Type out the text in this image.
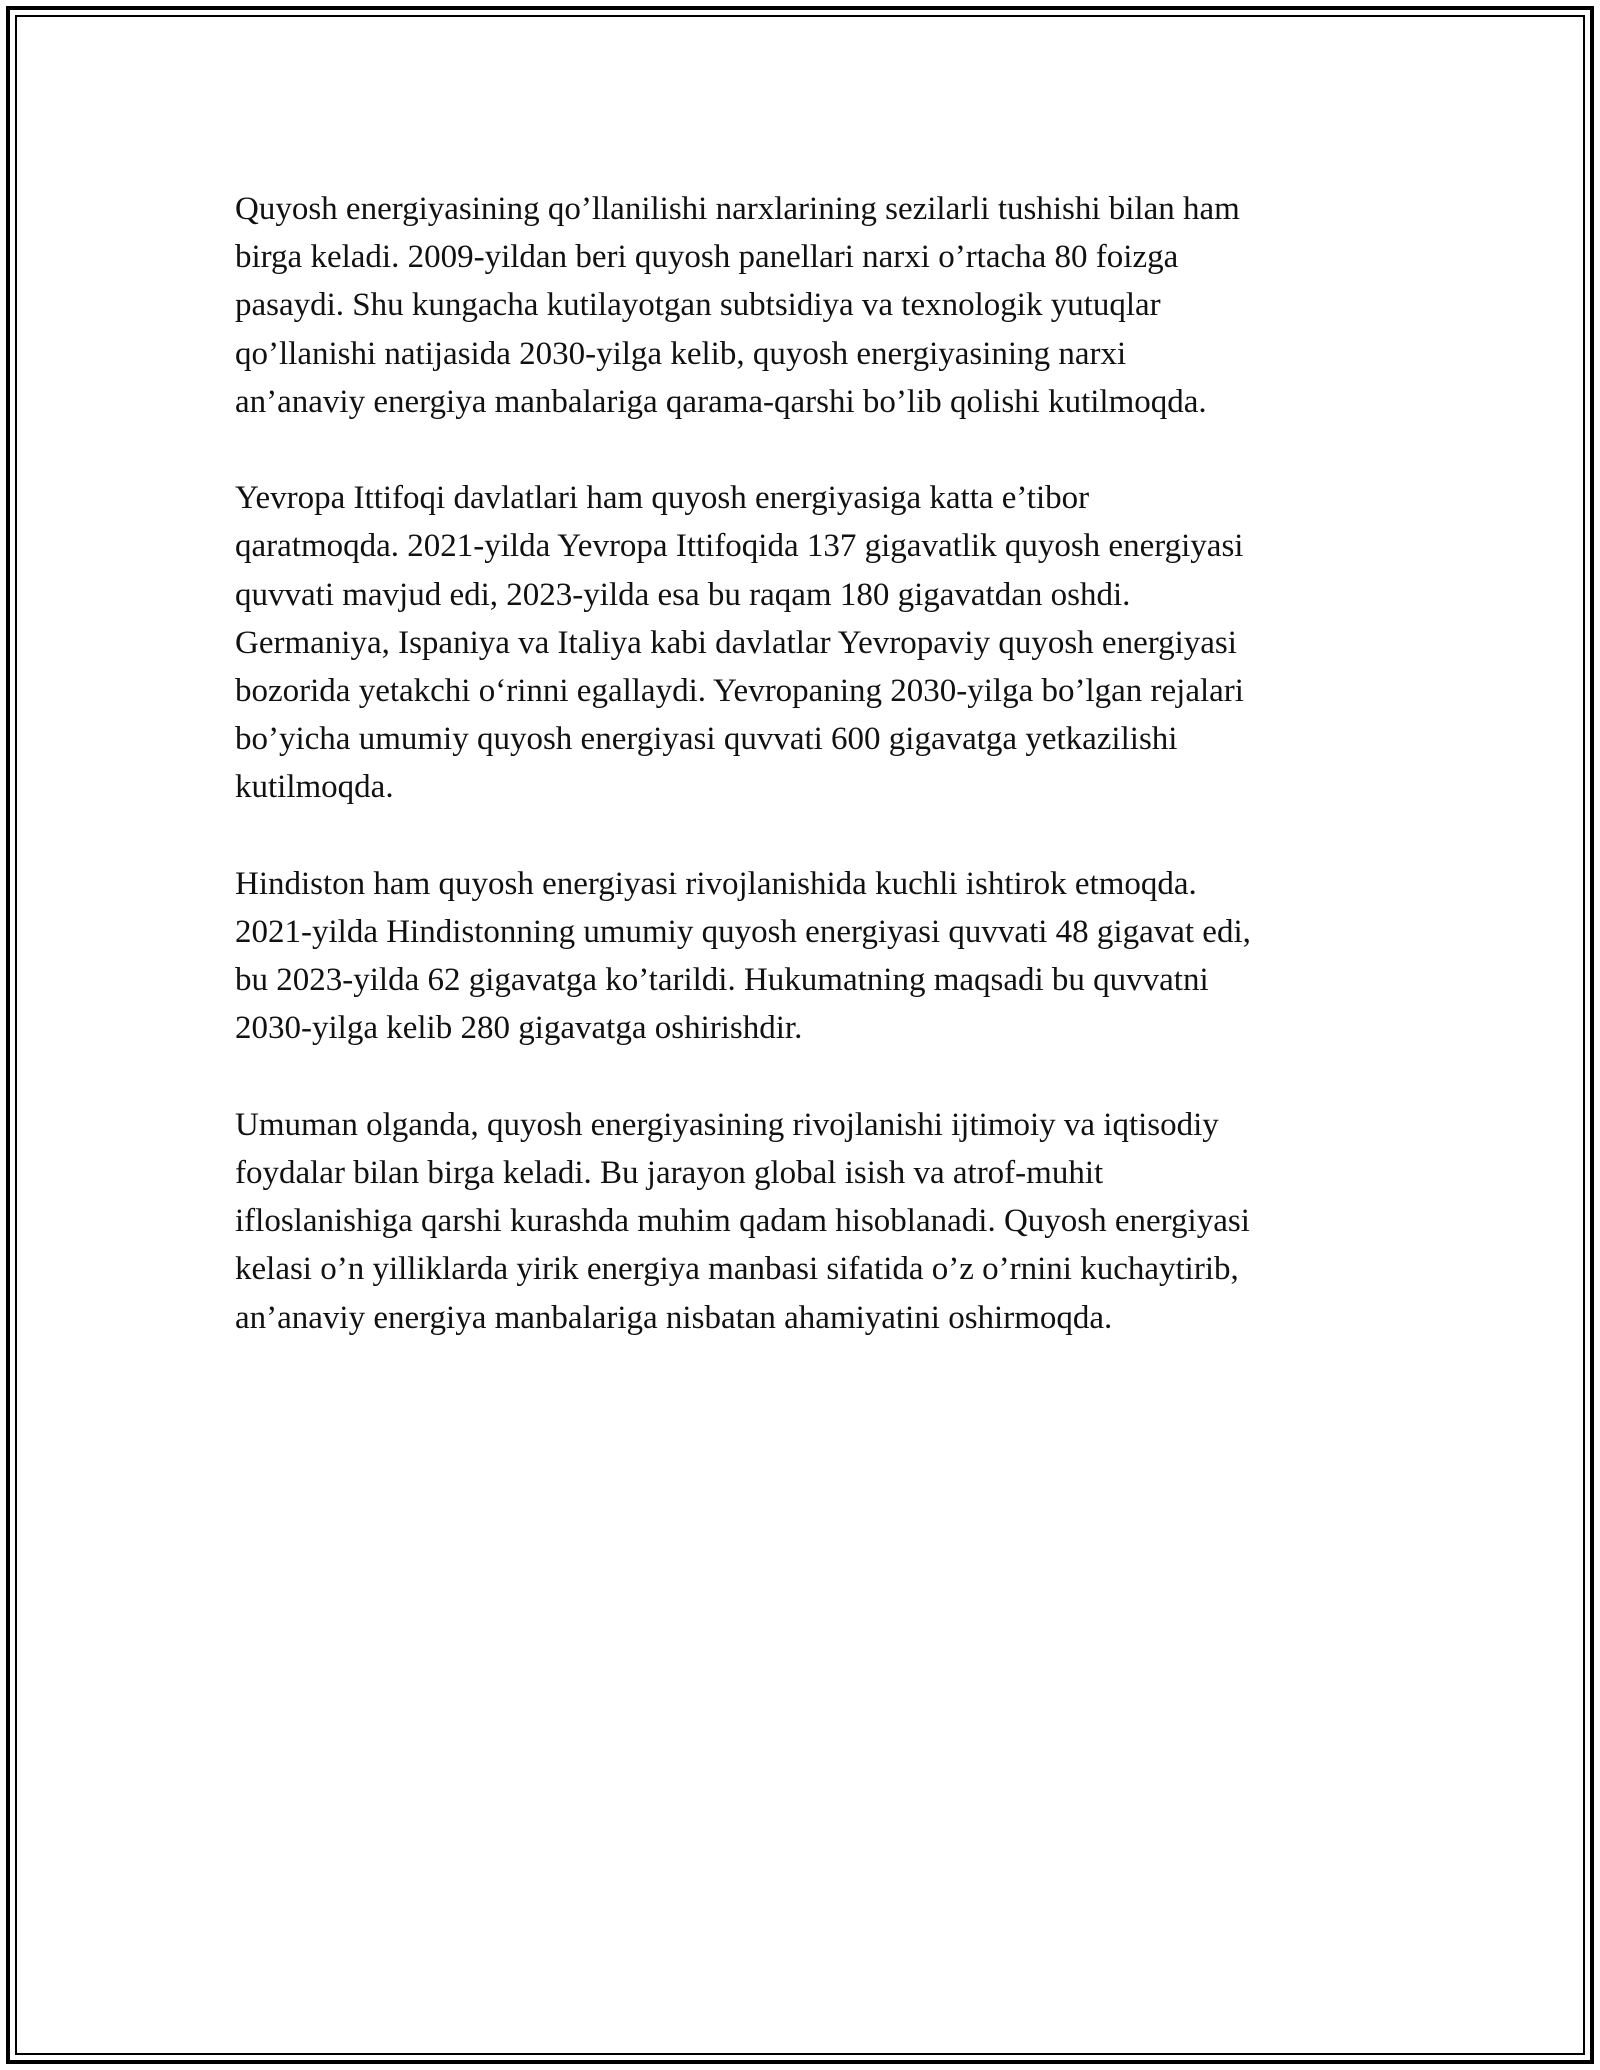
Quyosh energiyasining qo’llanilishi narxlarining sezilarli tushishi bilan ham
birga keladi. 2009-yildan beri quyosh panellari narxi o’rtacha 80 foizga
pasaydi. Shu kungacha kutilayotgan subtsidiya va texnologik yutuqlar
qo’llanishi natijasida 2030-yilga kelib, quyosh energiyasining narxi
an’anaviy energiya manbalariga qarama-qarshi bo’lib qolishi kutilmoqda.

Yevropa Ittifoqi davlatlari ham quyosh energiyasiga katta e’tibor
qaratmoqda. 2021-yilda Yevropa Ittifoqida 137 gigavatlik quyosh energiyasi
quvvati mavjud edi, 2023-yilda esa bu raqam 180 gigavatdan oshdi.
Germaniya, Ispaniya va Italiya kabi davlatlar Yevropaviy quyosh energiyasi
bozorida yetakchi o‘rinni egallaydi. Yevropaning 2030-yilga bo’lgan rejalari
bo’yicha umumiy quyosh energiyasi quvvati 600 gigavatga yetkazilishi
kutilmoqda.

Hindiston ham quyosh energiyasi rivojlanishida kuchli ishtirok etmoqda.
2021-yilda Hindistonning umumiy quyosh energiyasi quvvati 48 gigavat edi,
bu 2023-yilda 62 gigavatga ko’tarildi. Hukumatning maqsadi bu quvvatni
2030-yilga kelib 280 gigavatga oshirishdir.

Umuman olganda, quyosh energiyasining rivojlanishi ijtimoiy va iqtisodiy
foydalar bilan birga keladi. Bu jarayon global isish va atrof-muhit
ifloslanishiga qarshi kurashda muhim qadam hisoblanadi. Quyosh energiyasi
kelasi o’n yilliklarda yirik energiya manbasi sifatida o’z o’rnini kuchaytirib,
an’anaviy energiya manbalariga nisbatan ahamiyatini oshirmoqda.
